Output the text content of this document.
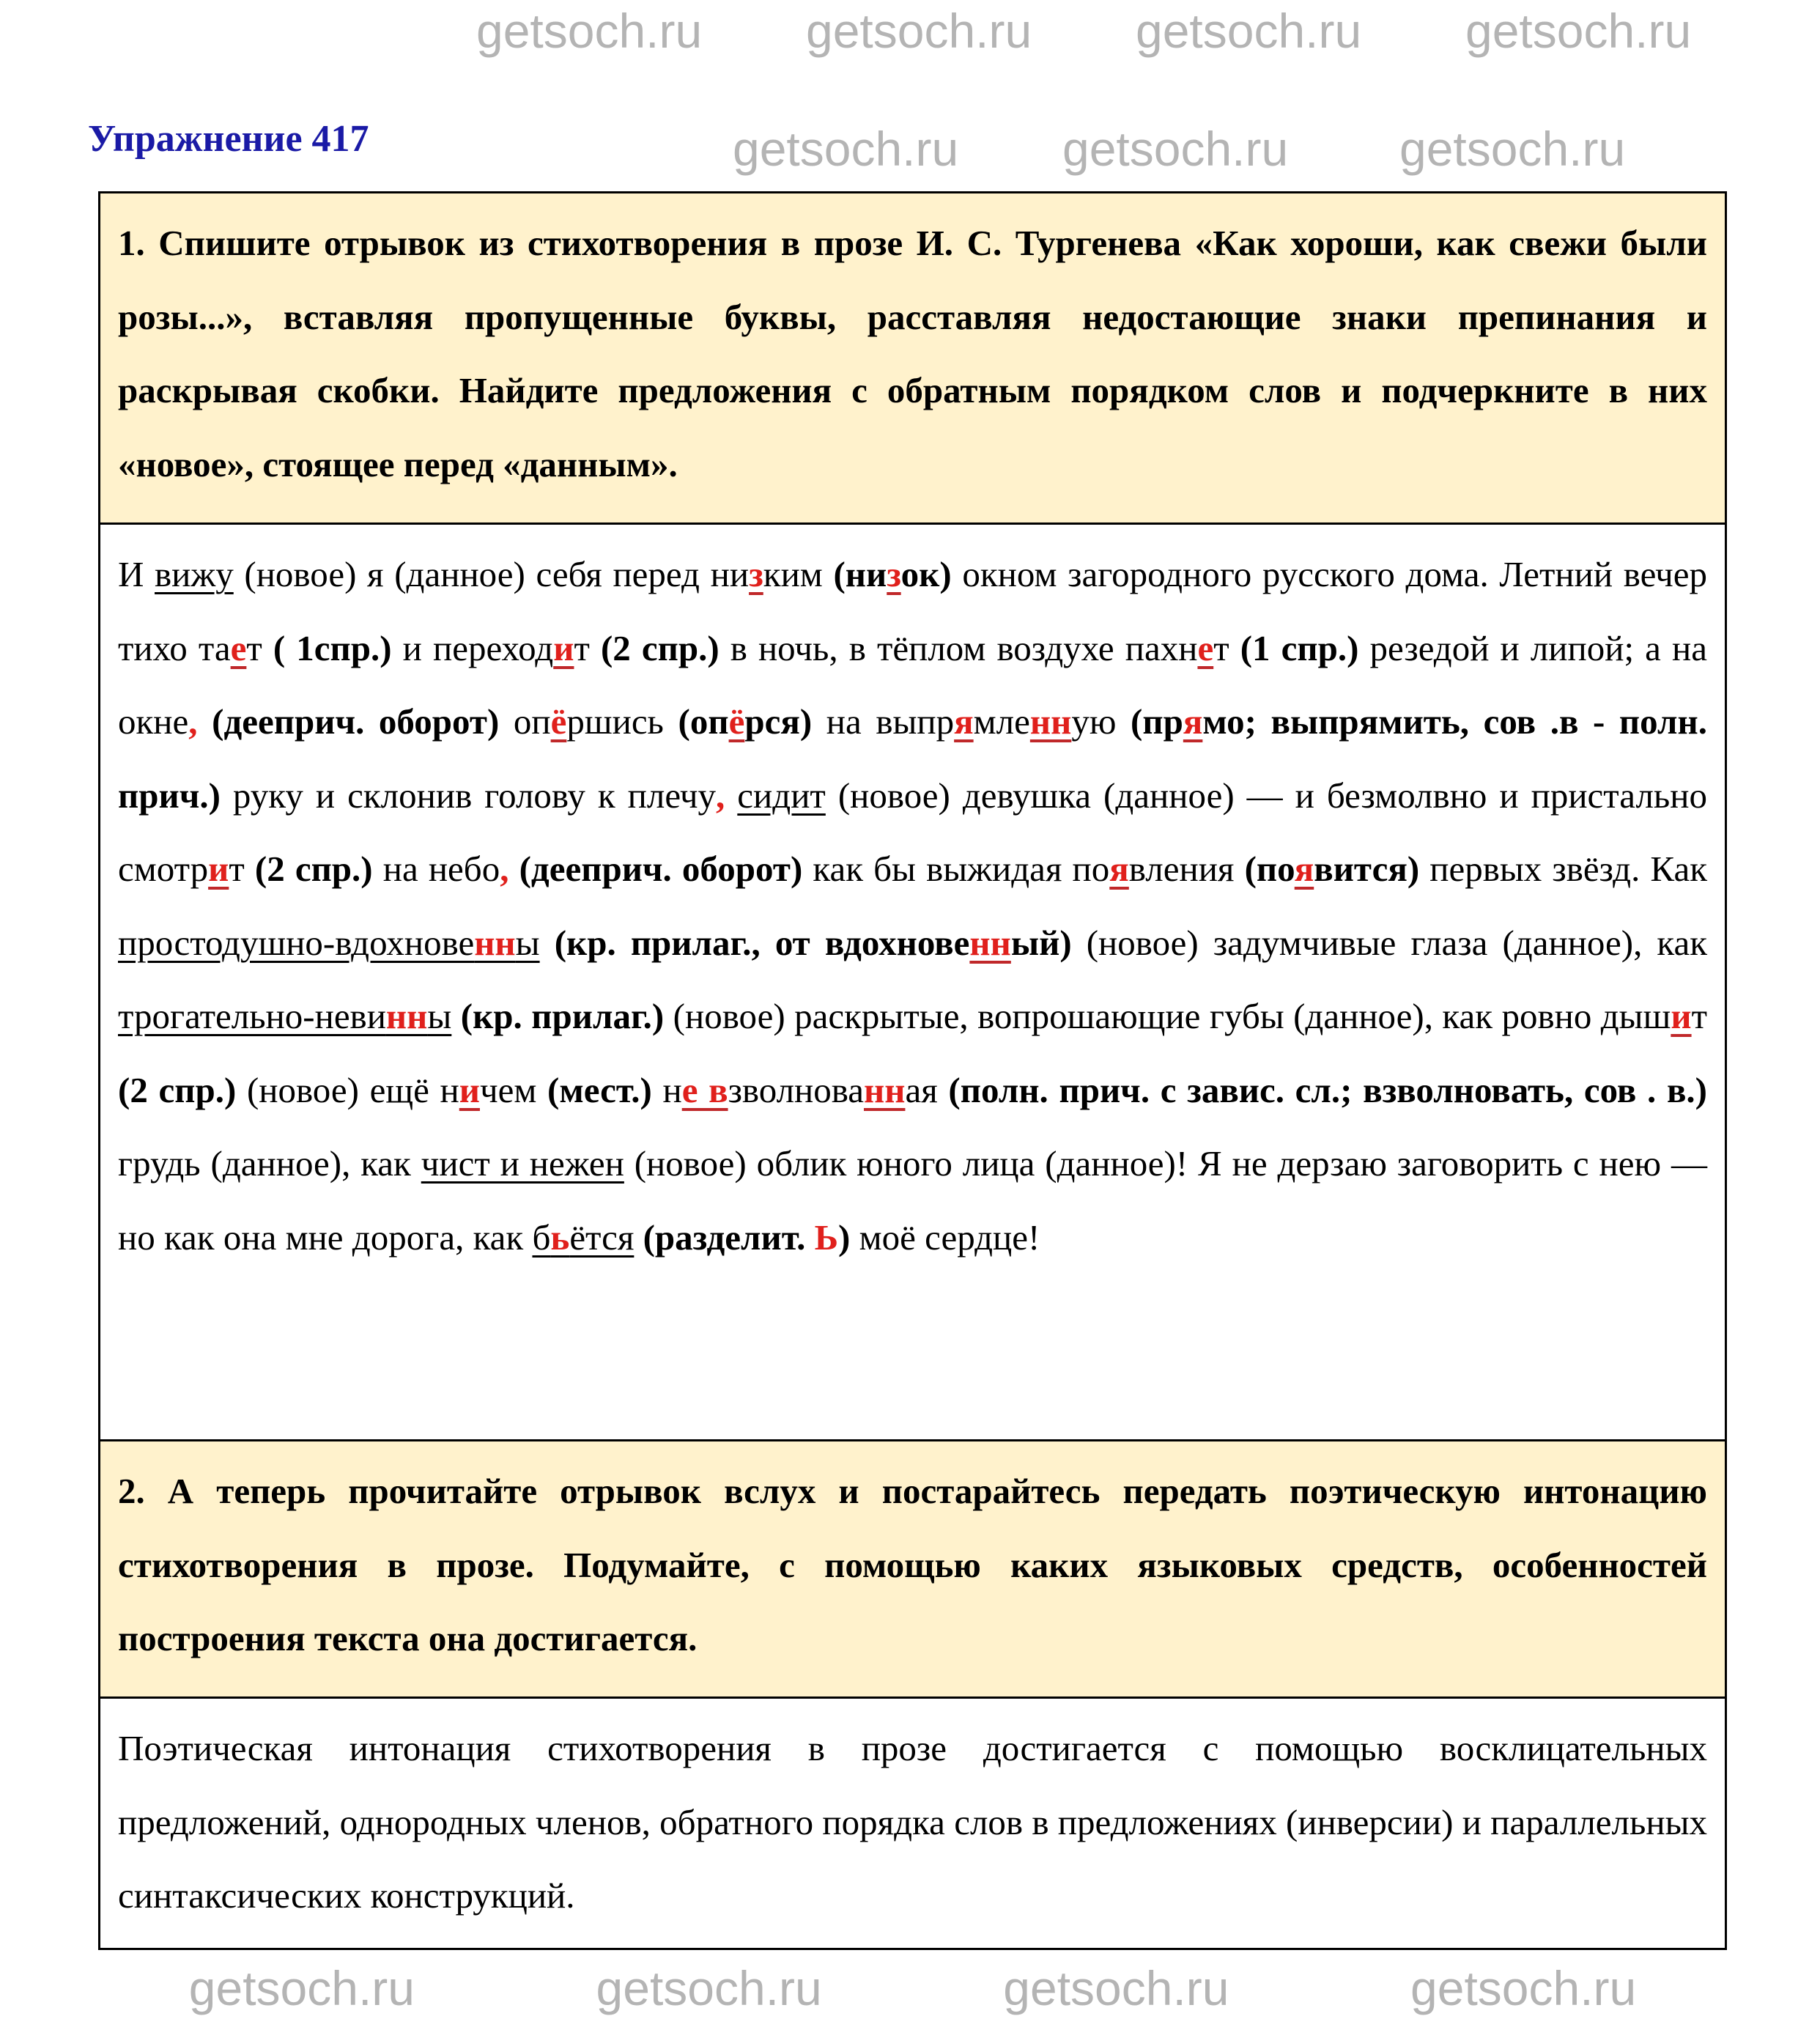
Упражнение 417
getsoch.ru getsoch.ru getsoch.ru getsoch.ru
getsoch.ru getsoch.ru getsoch.ru
1. Спишите отрывок из стихотворения в прозе И. С. Тургенева «Как хороши, как свежи были розы...», вставляя пропущенные буквы, расставляя недостающие знаки препинания и раскрывая скобки. Найдите предложения с обратным порядком слов и подчеркните в них «новое», стоящее перед «данным».
И вижу (новое) я (данное) себя перед низким (низок) окном загородного русского дома. Летний вечер тихо тает ( 1спр.) и переходит (2 спр.) в ночь, в тёплом воздухе пахнет (1 спр.) резедой и липой; а на окне, (дееприч. оборот) опёршись (опёрся) на выпрямленную (прямо; выпрямить, сов .в - полн. прич.) руку и склонив голову к плечу, сидит (новое) девушка (данное) — и безмолвно и пристально смотрит (2 спр.) на небо, (дееприч. оборот) как бы выжидая появления (появится) первых звёзд. Как простодушно-вдохновенны (кр. прилаг., от вдохновенный) (новое) задумчивые глаза (данное), как трогательно-невинны (кр. прилаг.) (новое) раскрытые, вопрошающие губы (данное), как ровно дышит (2 спр.) (новое) ещё ничем (мест.) не взволнованная (полн. прич. с завис. сл.; взволновать, сов . в.) грудь (данное), как чист и нежен (новое) облик юного лица (данное)! Я не дерзаю заговорить с нею — но как она мне дорога, как бьётся (разделит. Ь) моё сердце!
2. А теперь прочитайте отрывок вслух и постарайтесь передать поэтическую интонацию стихотворения в прозе. Подумайте, с помощью каких языковых средств, особенностей построения текста она достигается.
Поэтическая интонация стихотворения в прозе достигается с помощью восклицательных предложений, однородных членов, обратного порядка слов в предложениях (инверсии) и параллельных синтаксических конструкций.
getsoch.ru	getsoch.ru	getsoch.ru	getsoch.ru
